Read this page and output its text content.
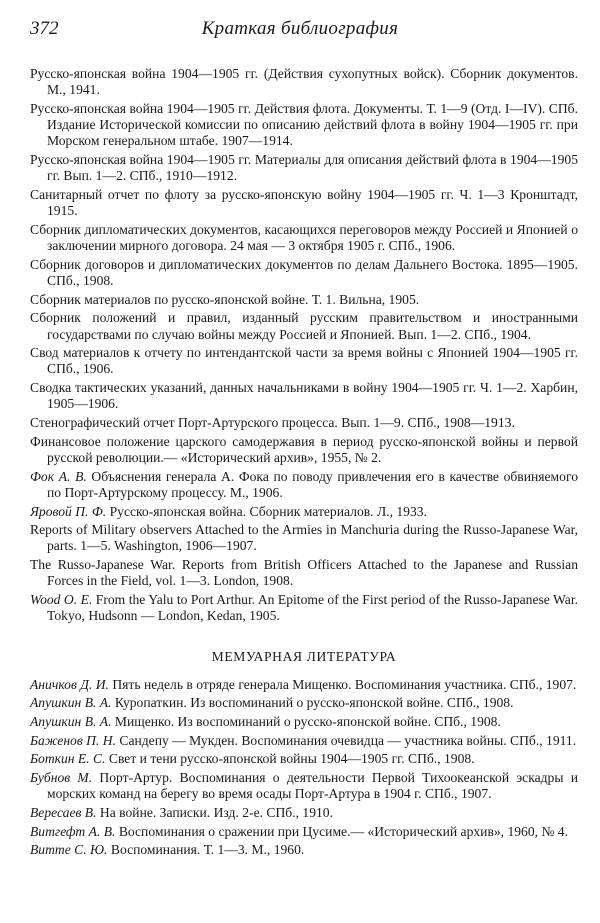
372	Краткая библиография

Русско-японская война 1904—1905 гг. (Действия сухопутных войск). Сборник документов. М., 1941.

Русско-японская война 1904—1905 гг. Действия флота. Документы. Т. 1—9 (Отд. I—IV). СПб. Издание Исторической комиссии по описанию действий флота в войну 1904—1905 гг. при Морском генеральном штабе. 1907—1914.

Русско-японская война 1904—1905 гг. Материалы для описания действий флота в 1904—1905 гг. Вып. 1—2. СПб., 1910—1912.

Санитарный отчет по флоту за русско-японскую войну 1904—1905 гг. Ч. 1—3 Кронштадт, 1915.

Сборник дипломатических документов, касающихся переговоров между Россией и Японией о заключении мирного договора. 24 мая — 3 октября 1905 г. СПб., 1906.

Сборник договоров и дипломатических документов по делам Дальнего Востока. 1895—1905. СПб., 1908.

Сборник материалов по русско-японской войне. Т. 1. Вильна, 1905.

Сборник положений и правил, изданный русским правительством и иностранными государствами по случаю войны между Россией и Японией. Вып. 1—2. СПб., 1904.

Свод материалов к отчету по интендантской части за время войны с Японией 1904—1905 гг. СПб., 1906.

Сводка тактических указаний, данных начальниками в войну 1904—1905 гг. Ч. 1—2. Харбин, 1905—1906.

Стенографический отчет Порт-Артурского процесса. Вып. 1—9. СПб., 1908—1913.

Финансовое положение царского самодержавия в период русско-японской войны и первой русской революции.— «Исторический архив», 1955, № 2.

Фок А. В. Объяснения генерала А. Фока по поводу привлечения его в качестве обвиняемого по Порт-Артурскому процессу. М., 1906.

Яровой П. Ф. Русско-японская война. Сборник материалов. Л., 1933.

Reports of Military observers Attached to the Armies in Manchuria during the Russo-Japanese War, parts. 1—5. Washington, 1906—1907.

The Russo-Japanese War. Reports from British Officers Attached to the Japanese and Russian Forces in the Field, vol. 1—3. London, 1908.

Wood O. E. From the Yalu to Port Arthur. An Epitome of the First period of the Russo-Japanese War. Tokyo, Hudsonn — London, Kedan, 1905.

МЕМУАРНАЯ ЛИТЕРАТУРА

Аничков Д. И. Пять недель в отряде генерала Мищенко. Воспоминания участника. СПб., 1907.

Апушкин В. А. Куропаткин. Из воспоминаний о русско-японской войне. СПб., 1908.

Апушкин В. А. Мищенко. Из воспоминаний о русско-японской войне. СПб., 1908.

Баженов П. Н. Сандепу — Мукден. Воспоминания очевидца — участника войны. СПб., 1911.

Боткин Е. С. Свет и тени русско-японской войны 1904—1905 гг. СПб., 1908.

Бубнов М. Порт-Артур. Воспоминания о деятельности Первой Тихоокеанской эскадры и морских команд на берегу во время осады Порт-Артура в 1904 г. СПб., 1907.

Вересаев В. На войне. Записки. Изд. 2-е. СПб., 1910.

Витгефт А. В. Воспоминания о сражении при Цусиме.— «Исторический архив», 1960, № 4.

Витте С. Ю. Воспоминания. Т. 1—3. М., 1960.
